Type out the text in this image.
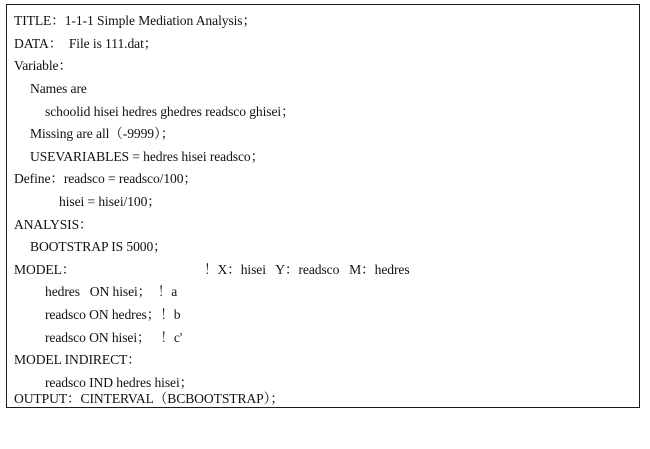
TITLE：1-1-1 Simple Mediation Analysis；

DATA：  File is 111.dat；

Variable：

Names are

schoolid hisei hedres ghedres readsco ghisei；

Missing are all（-9999）；

USEVARIABLES = hedres hisei readsco；

Define：readsco = readsco/100；

hisei = hisei/100；

ANALYSIS：

BOOTSTRAP IS 5000；

MODEL：

	！X：hisei   Y：readsco   M：hedres

hedres   ON hisei；  ！a

readsco ON hedres；！b

readsco ON hisei；   ！c'

MODEL INDIRECT：

readsco IND hedres hisei；

OUTPUT：CINTERVAL（BCBOOTSTRAP）；
